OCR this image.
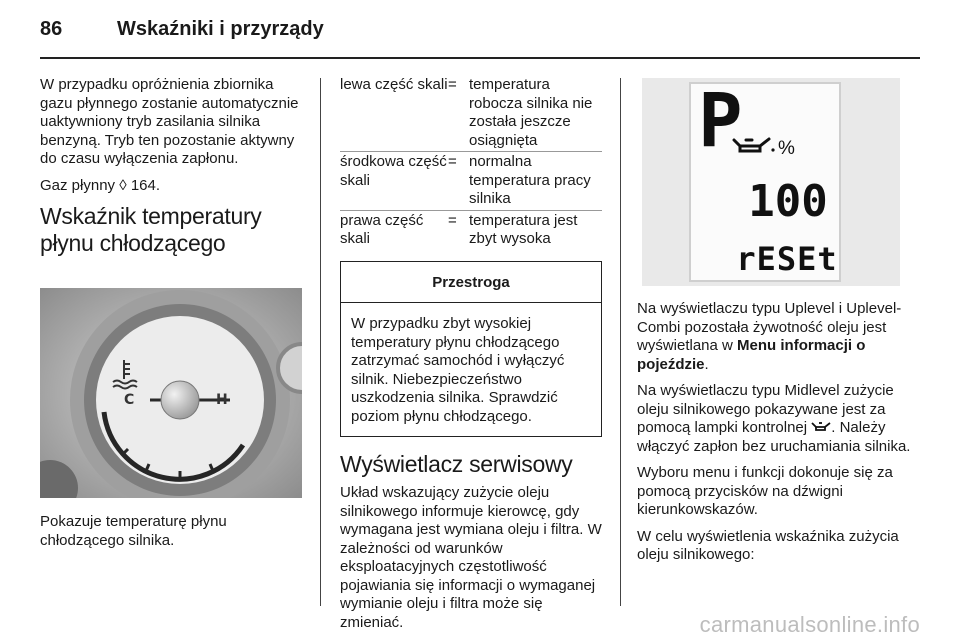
86	Wskaźniki i przyrządy

W przypadku opróżnienia zbiornika gazu płynnego zostanie automatycznie uaktywniony tryb zasilania silnika benzyną. Tryb ten pozostanie aktywny do czasu wyłączenia zapłonu.

Gaz płynny ◊ 164.

Wskaźnik temperatury płynu chłodzącego
C	H
Pokazuje temperaturę płynu chłodzącego silnika.
lewa część skali = temperatura robocza silnika nie została jeszcze osiągnięta
środkowa część skali
= normalna temperatura pracy silnika
prawa część skali
= temperatura jest zbyt wysoka
Przestroga
W przypadku zbyt wysokiej temperatury płynu chłodzącego zatrzymać samochód i wyłączyć silnik. Niebezpieczeństwo uszkodzenia silnika. Sprawdzić poziom płynu chłodzącego.
Wyświetlacz serwisowy
Układ wskazujący zużycie oleju silnikowego informuje kierowcę, gdy wymagana jest wymiana oleju i filtra. W zależności od warunków eksploatacyjnych częstotliwość pojawiania się informacji o wymaganej wymianie oleju i filtra może się zmieniać.
P %
100
rESEt

Na wyświetlaczu typu Uplevel i Uplevel-Combi pozostała żywotność oleju jest wyświetlana w Menu informacji o pojeździe.

Na wyświetlaczu typu Midlevel zużycie oleju silnikowego pokazywane jest za pomocą lampki kontrolnej . Należy włączyć zapłon bez uruchamiania silnika.

Wyboru menu i funkcji dokonuje się za pomocą przycisków na dźwigni kierunkowskazów.

W celu wyświetlenia wskaźnika zużycia oleju silnikowego:

carmanualsonline.info
